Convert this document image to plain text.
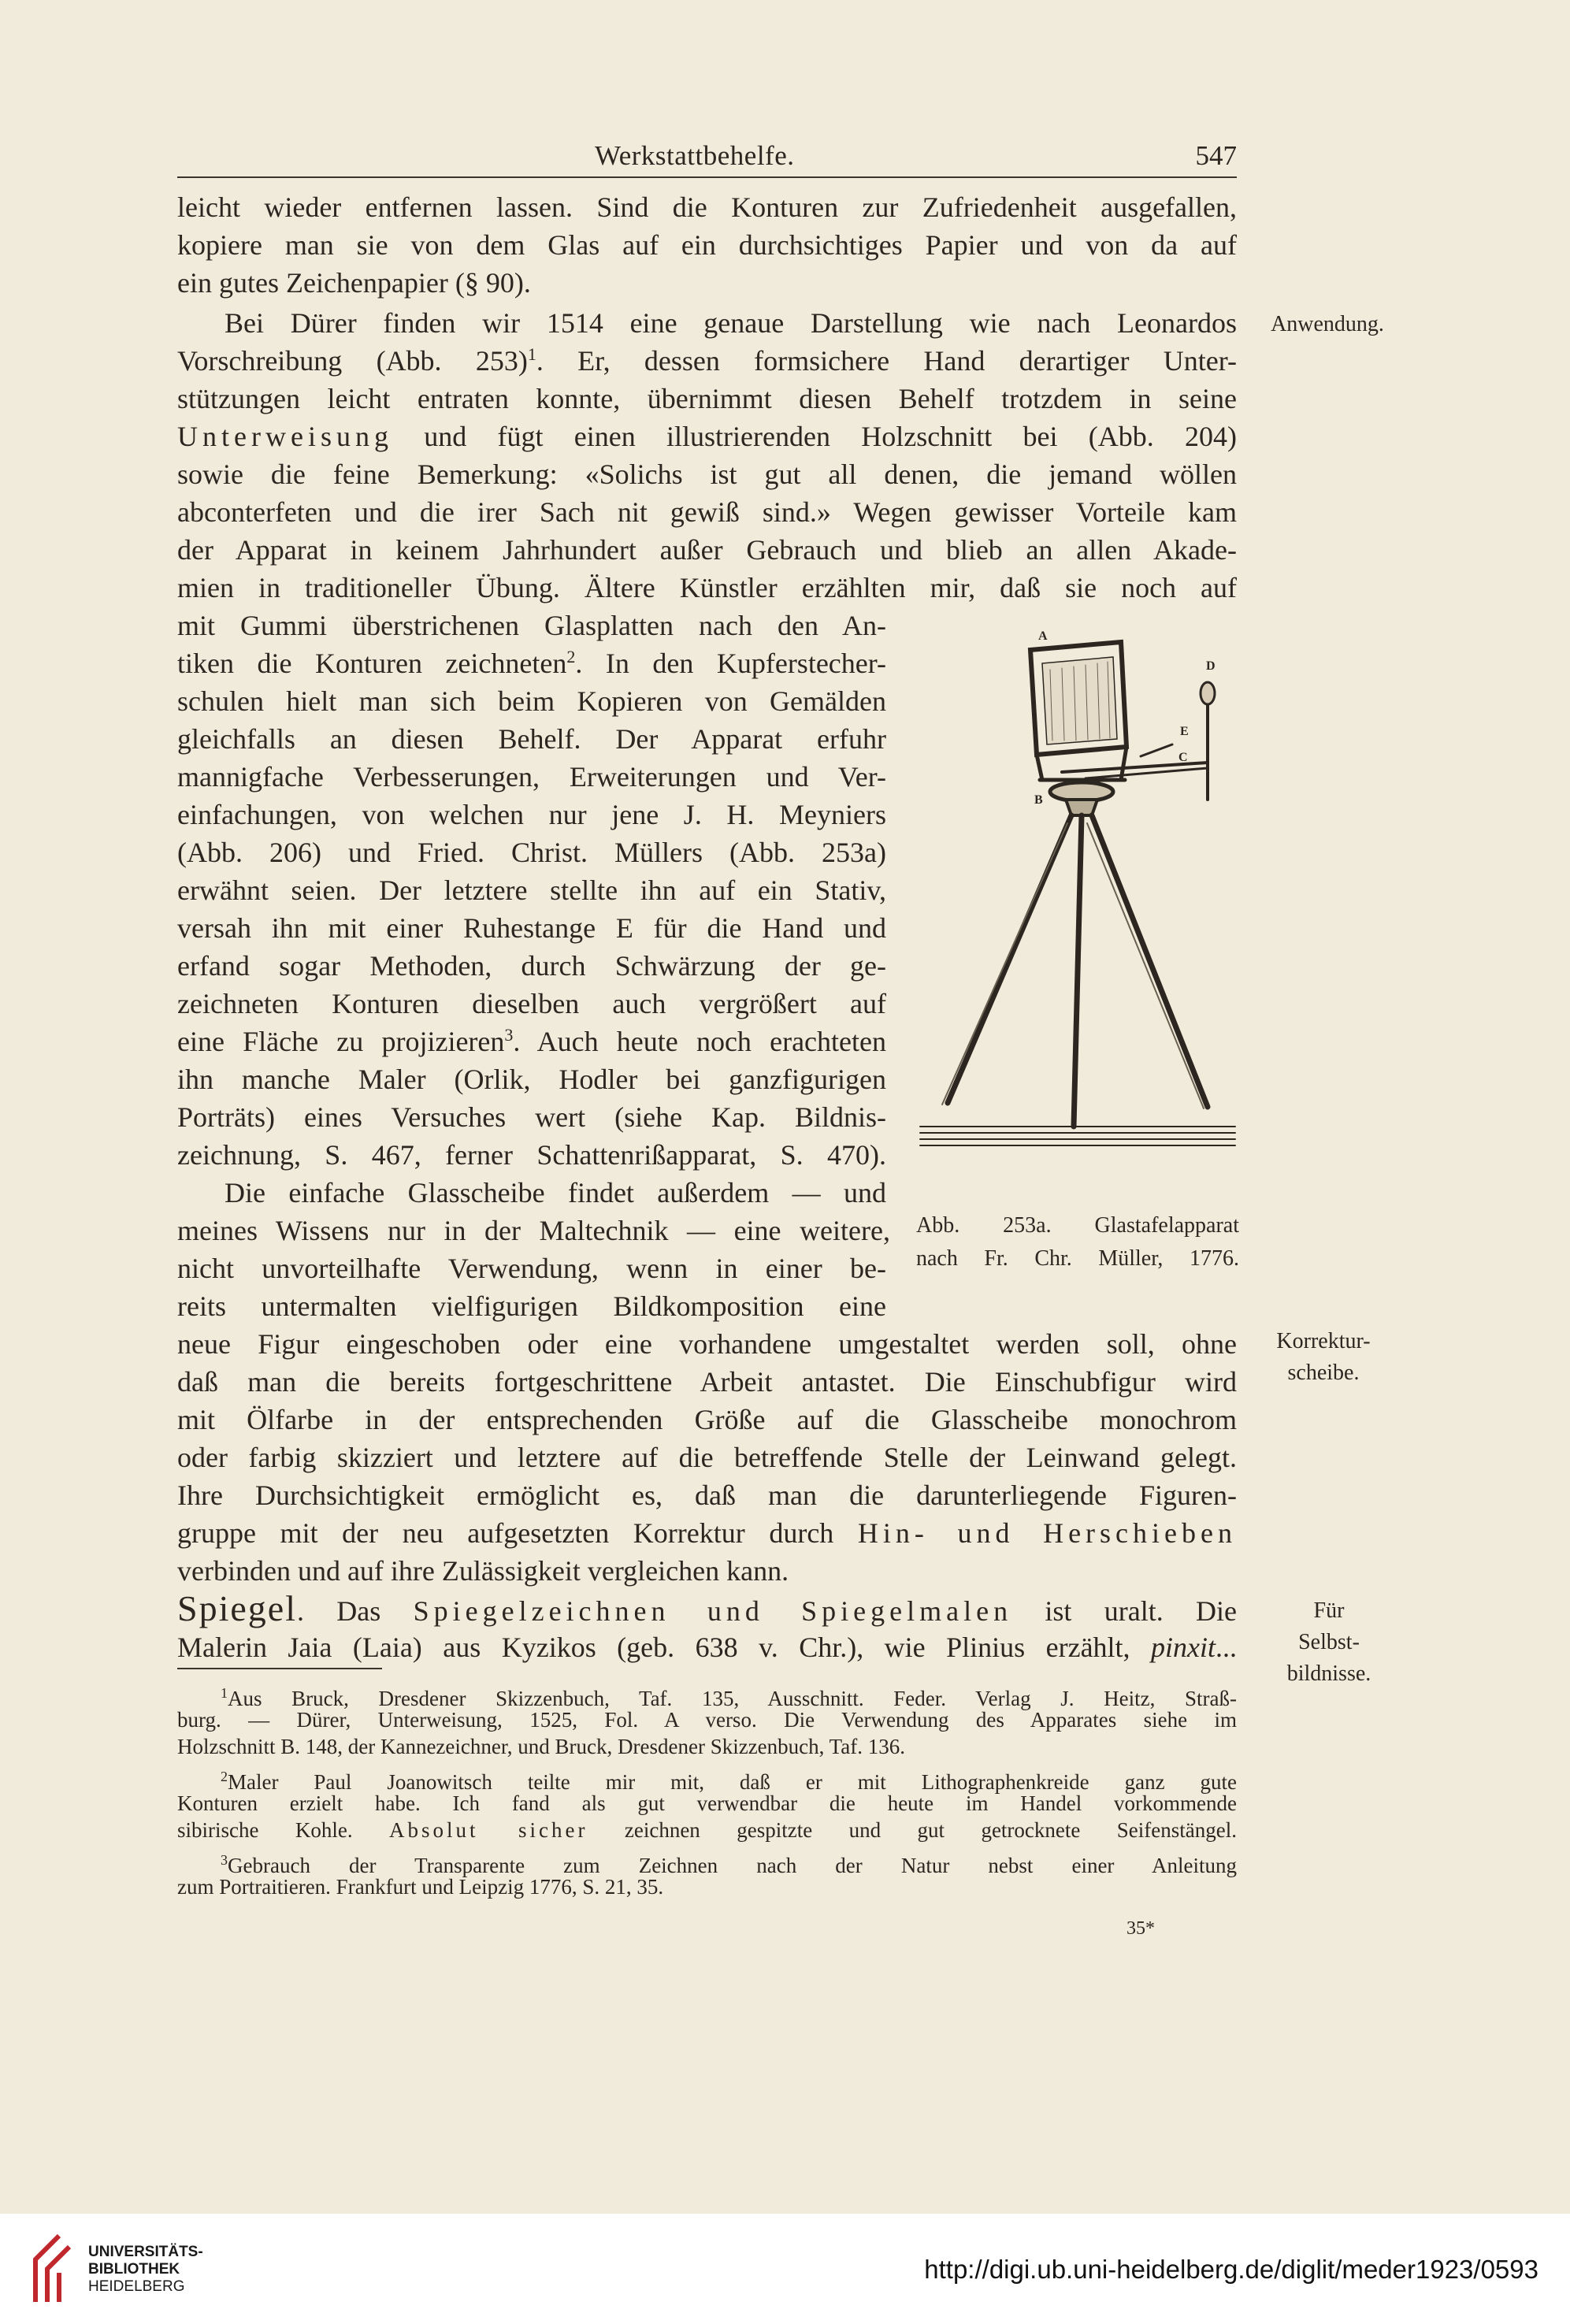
Werkstattbehelfe.	547
leicht wieder entfernen lassen. Sind die Konturen zur Zufriedenheit ausgefallen,
kopiere man sie von dem Glas auf ein durchsichtiges Papier und von da auf
ein gutes Zeichenpapier (§ 90).
Bei Dürer finden wir 1514 eine genaue Darstellung wie nach Leonardos
Vorschreibung (Abb. 253)$^1$. Er, dessen formsichere Hand derartiger Unter-
stützungen leicht entraten konnte, übernimmt diesen Behelf trotzdem in seine
Unterweisung und fügt einen illustrierenden Holzschnitt bei (Abb. 204)
sowie die feine Bemerkung: «Solichs ist gut all denen, die jemand wöllen
abconterfeten und die irer Sach nit gewiß sind.» Wegen gewisser Vorteile kam
der Apparat in keinem Jahrhundert außer Gebrauch und blieb an allen Akade-
mien in traditioneller Übung. Ältere Künstler erzählten mir, daß sie noch auf
mit Gummi überstrichenen Glasplatten nach den An-
tiken die Konturen zeichneten$^2$. In den Kupferstecher-
schulen hielt man sich beim Kopieren von Gemälden
gleichfalls an diesen Behelf. Der Apparat erfuhr
mannigfache Verbesserungen, Erweiterungen und Ver-
einfachungen, von welchen nur jene J. H. Meyniers
(Abb. 206) und Fried. Christ. Müllers (Abb. 253a)
erwähnt seien. Der letztere stellte ihn auf ein Stativ,
versah ihn mit einer Ruhestange E für die Hand und
erfand sogar Methoden, durch Schwärzung der ge-
zeichneten Konturen dieselben auch vergrößert auf
eine Fläche zu projizieren$^3$. Auch heute noch erachteten
ihn manche Maler (Orlik, Hodler bei ganzfigurigen
Porträts) eines Versuches wert (siehe Kap. Bildnis-
zeichnung, S. 467, ferner Schattenrißapparat, S. 470).
Die einfache Glasscheibe findet außerdem — und
meines Wissens nur in der Maltechnik — eine weitere,
nicht unvorteilhafte Verwendung, wenn in einer be-
reits untermalten vielfigurigen Bildkomposition eine
neue Figur eingeschoben oder eine vorhandene umgestaltet werden soll, ohne
daß man die bereits fortgeschrittene Arbeit antastet. Die Einschubfigur wird
mit Ölfarbe in der entsprechenden Größe auf die Glasscheibe monochrom
oder farbig skizziert und letztere auf die betreffende Stelle der Leinwand gelegt.
Ihre Durchsichtigkeit ermöglicht es, daß man die darunterliegende Figuren-
gruppe mit der neu aufgesetzten Korrektur durch Hin- und Herschieben
verbinden und auf ihre Zulässigkeit vergleichen kann.
Spiegel. Das Spiegelzeichnen und Spiegelmalen ist uralt. Die
Malerin Jaia (Laia) aus Kyzikos (geb. 638 v. Chr.), wie Plinius erzählt, pinxit...
Anwendung.
Korrektur-
scheibe.
Für
Selbst-
bildnisse.
A
B
C
D
E
Abb. 253a. Glastafelapparat
nach Fr. Chr. Müller, 1776.
$^1$Aus Bruck, Dresdener Skizzenbuch, Taf. 135, Ausschnitt. Feder. Verlag J. Heitz, Straß-
burg. — Dürer, Unterweisung, 1525, Fol. A verso. Die Verwendung des Apparates siehe im
Holzschnitt B. 148, der Kannezeichner, und Bruck, Dresdener Skizzenbuch, Taf. 136.
$^2$Maler Paul Joanowitsch teilte mir mit, daß er mit Lithographenkreide ganz gute
Konturen erzielt habe. Ich fand als gut verwendbar die heute im Handel vorkommende
sibirische Kohle. Absolut sicher zeichnen gespitzte und gut getrocknete Seifenstängel.
$^3$Gebrauch der Transparente zum Zeichnen nach der Natur nebst einer Anleitung
zum Portraitieren. Frankfurt und Leipzig 1776, S. 21, 35.
35*
UNIVERSITÄTS-
BIBLIOTHEK
HEIDELBERG
http://digi.ub.uni-heidelberg.de/diglit/meder1923/0593
